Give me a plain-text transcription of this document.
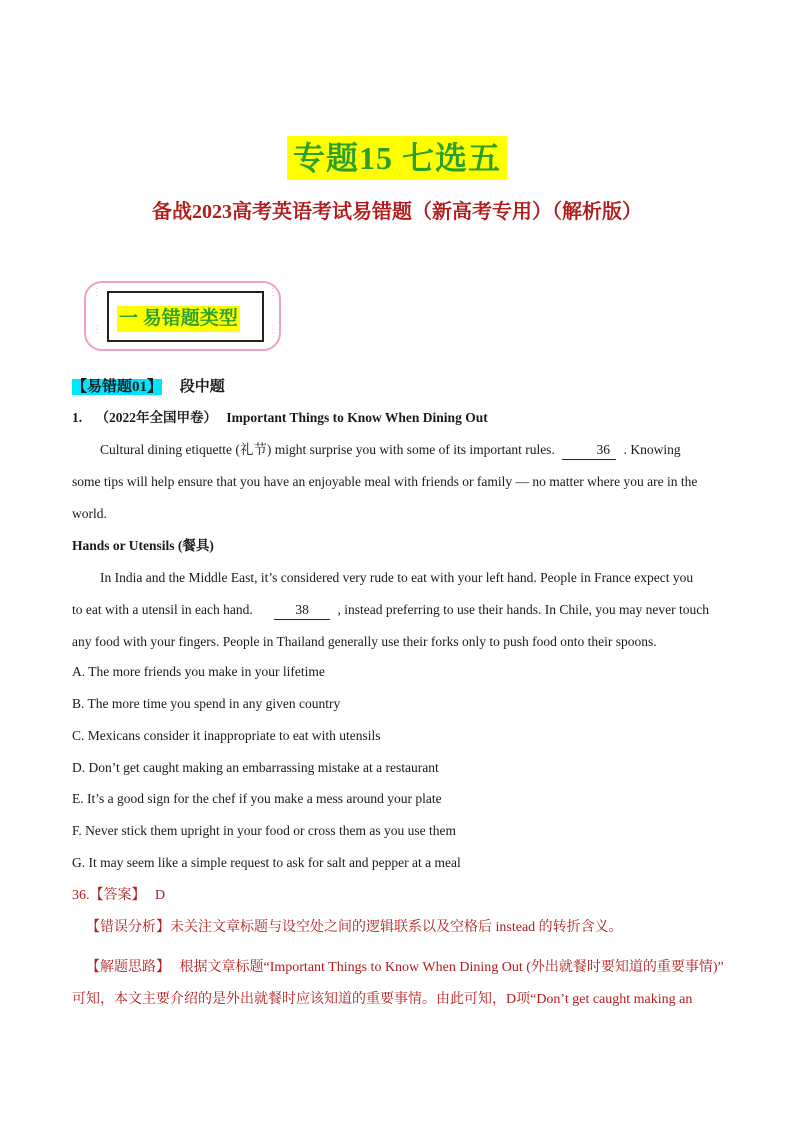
专题15 七选五
备战2023高考英语考试易错题（新高考专用）（解析版）
⋮
⋮
⋮
⋮
一 易错题类型
【易错题01】 段中题
1. （2022年全国甲卷） Important Things to Know When Dining Out
Cultural dining etiquette (礼节) might surprise you with some of its important rules.	36 . Knowing
some tips will help ensure that you have an enjoyable meal with friends or family — no matter where you are in the
world.
Hands or Utensils (餐具)
In India and the Middle East, it’s considered very rude to eat with your left hand. People in France expect you
to eat with a utensil in each hand.	38 , instead preferring to use their hands. In Chile, you may never touch
any food with your fingers. People in Thailand generally use their forks only to push food onto their spoons.
A. The more friends you make in your lifetime
B. The more time you spend in any given country
C. Mexicans consider it inappropriate to eat with utensils
D. Don’t get caught making an embarrassing mistake at a restaurant
E. It’s a good sign for the chef if you make a mess around your plate
F. Never stick them upright in your food or cross them as you use them
G. It may seem like a simple request to ask for salt and pepper at a meal
36.【答案】 D
【错误分析】未关注文章标题与设空处之间的逻辑联系以及空格后 instead 的转折含义。
【解题思路】 根据文章标题“Important Things to Know When Dining Out (外出就餐时要知道的重要事情)”
可知，本文主要介绍的是外出就餐时应该知道的重要事情。由此可知，D项“Don’t get caught making an
